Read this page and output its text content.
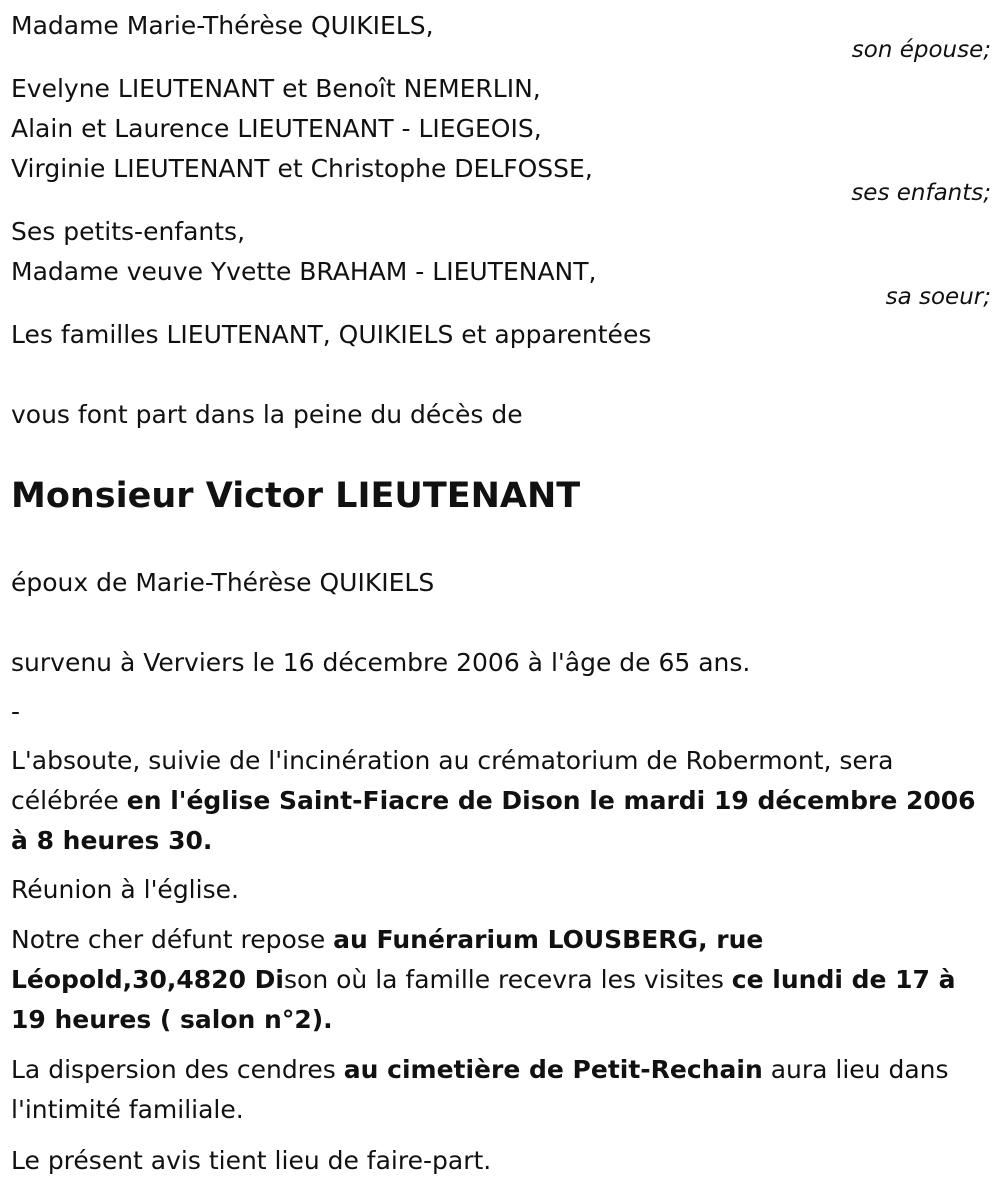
Madame Marie-Thérèse QUIKIELS,

son épouse;

Evelyne LIEUTENANT et Benoît NEMERLIN,

Alain et Laurence LIEUTENANT - LIEGEOIS,

Virginie LIEUTENANT et Christophe DELFOSSE,

ses enfants;

Ses petits-enfants,

Madame veuve Yvette BRAHAM - LIEUTENANT,

sa soeur;

Les familles LIEUTENANT, QUIKIELS et apparentées

vous font part dans la peine du décès de

Monsieur Victor LIEUTENANT

époux de Marie-Thérèse QUIKIELS

survenu à Verviers le 16 décembre 2006 à l'âge de 65 ans.

-

L'absoute, suivie de l'incinération au crématorium de Robermont, sera célébrée en l'église Saint-Fiacre de Dison le mardi 19 décembre 2006 à 8 heures 30.

Réunion à l'église.

Notre cher défunt repose au Funérarium LOUSBERG, rue Léopold,30,4820 Dison où la famille recevra les visites ce lundi de 17 à 19 heures ( salon n°2).

La dispersion des cendres au cimetière de Petit-Rechain aura lieu dans l'intimité familiale.

Le présent avis tient lieu de faire-part.
